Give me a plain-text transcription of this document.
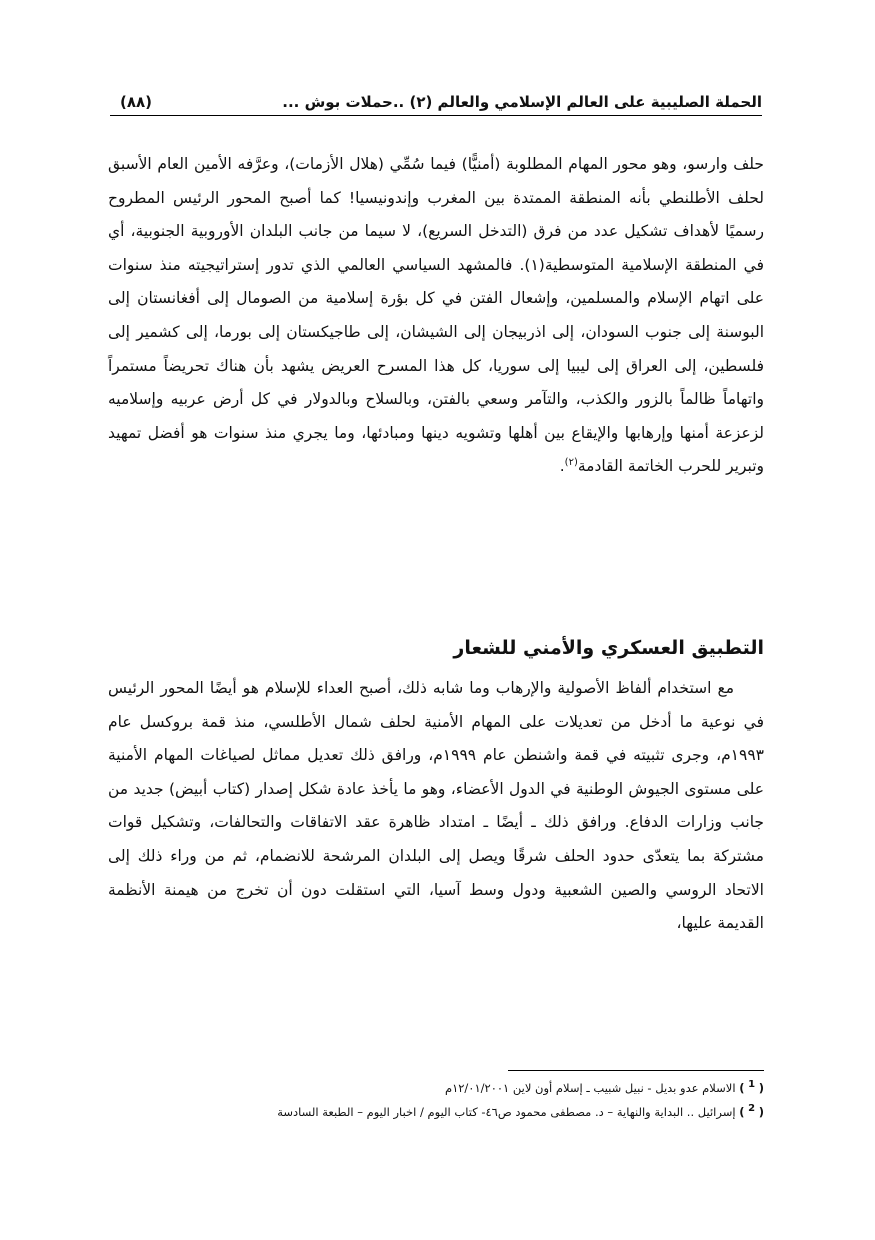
الحملة الصليبية على العالم الإسلامي والعالم (٢) ..حملات بوش ...
(٨٨)

حلف وارسو، وهو محور المهام المطلوبة (أمنيًّا) فيما سُمِّي (هلال الأزمات)، وعرَّفه الأمين العام الأسبق لحلف الأطلنطي بأنه المنطقة الممتدة بين المغرب وإندونيسيا! كما أصبح المحور الرئيس المطروح رسميًا لأهداف تشكيل عدد من فرق (التدخل السريع)، لا سيما من جانب البلدان الأوروبية الجنوبية، أي في المنطقة الإسلامية المتوسطية(١). فالمشهد السياسي العالمي الذي تدور إستراتيجيته منذ سنوات على اتهام الإسلام والمسلمين، وإشعال الفتن في كل بؤرة إسلامية من الصومال إلى أفغانستان إلى البوسنة إلى جنوب السودان، إلى اذربيجان إلى الشيشان، إلى طاجيكستان إلى بورما، إلى كشمير إلى فلسطين، إلى العراق إلى ليبيا إلى سوريا، كل هذا المسرح العريض يشهد بأن هناك تحريضاً مستمراً واتهاماً ظالماً بالزور والكذب، والتآمر وسعي بالفتن، وبالسلاح وبالدولار في كل أرض عربيه وإسلاميه لزعزعة أمنها وإرهابها والإيقاع بين أهلها وتشويه دينها ومبادئها، وما يجري منذ سنوات هو أفضل تمهيد وتبرير للحرب الخاتمة القادمة$^{(٢)}$.

التطبيق العسكري والأمني للشعار

مع استخدام ألفاظ الأصولية والإرهاب وما شابه ذلك، أصبح العداء للإسلام هو أيضًا المحور الرئيس في نوعية ما أدخل من تعديلات على المهام الأمنية لحلف شمال الأطلسي، منذ قمة بروكسل عام ١٩٩٣م، وجرى تثبيته في قمة واشنطن عام ١٩٩٩م، ورافق ذلك تعديل مماثل لصياغات المهام الأمنية على مستوى الجيوش الوطنية في الدول الأعضاء، وهو ما يأخذ عادة شكل إصدار (كتاب أبيض) جديد من جانب وزارات الدفاع. ورافق ذلك ـ أيضًا ـ امتداد ظاهرة عقد الاتفاقات والتحالفات، وتشكيل قوات مشتركة بما يتعدّى حدود الحلف شرقًا ويصل إلى البلدان المرشحة للانضمام، ثم من وراء ذلك إلى الاتحاد الروسي والصين الشعبية ودول وسط آسيا، التي استقلت دون أن تخرج من هيمنة الأنظمة القديمة عليها،

( $^1$ ) الاسلام عدو بديل - نبيل شبيب ـ إسلام أون لاين ١٢/٠١/٢٠٠١م
( $^2$ ) إسرائيل .. البداية والنهاية – د. مصطفى محمود ص٤٦- كتاب اليوم / اخبار اليوم – الطبعة السادسة
